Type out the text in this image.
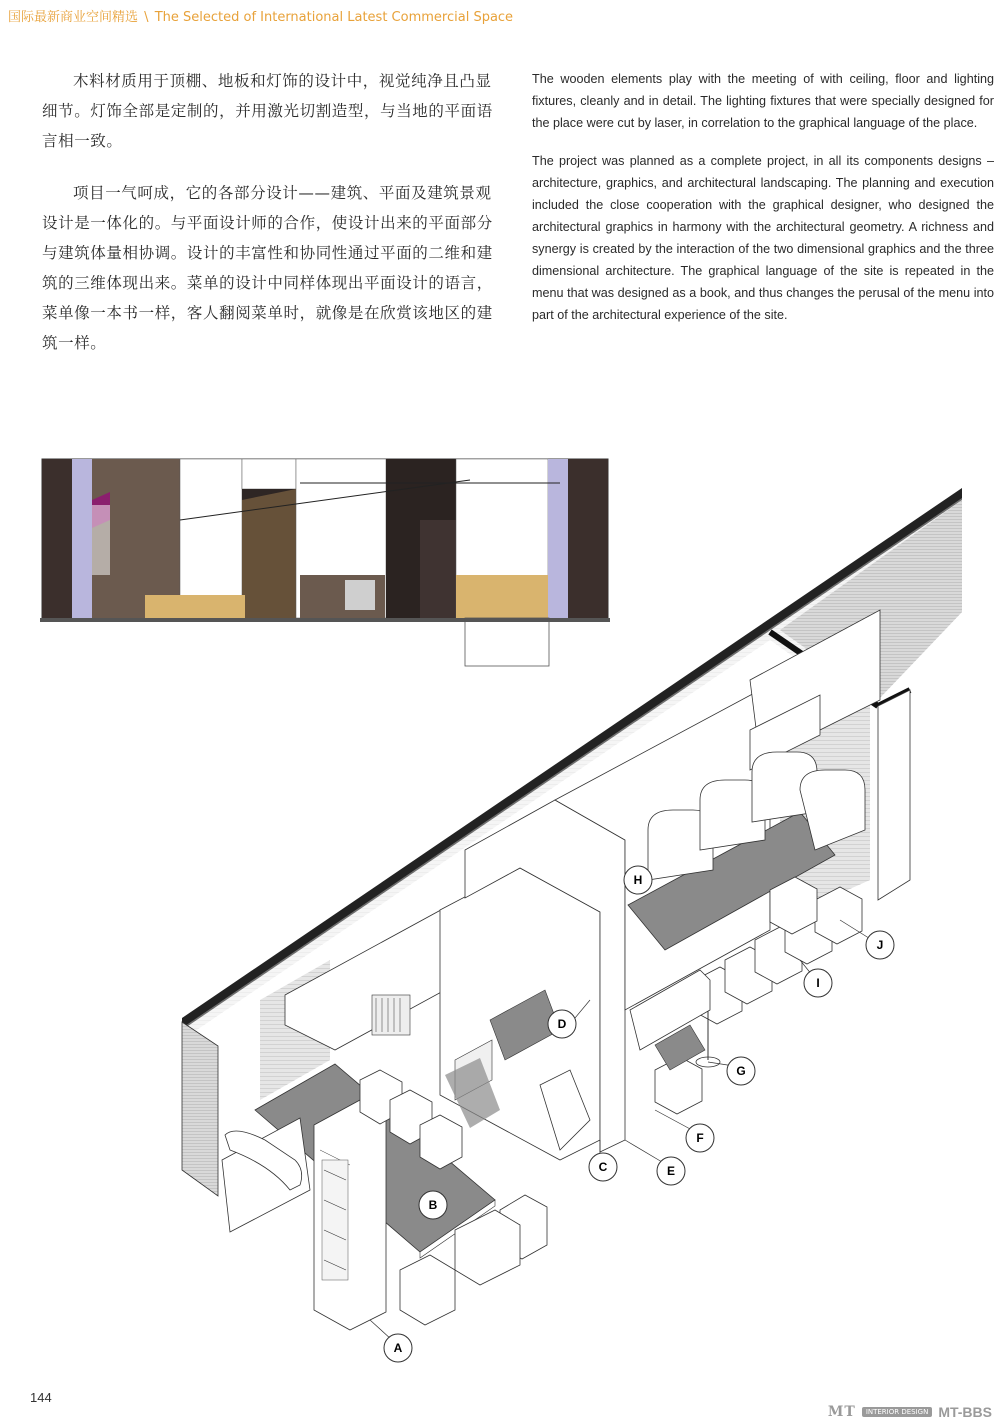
国际最新商业空间精选 \ The Selected of International Latest Commercial Space

木料材质用于顶棚、地板和灯饰的设计中，视觉纯净且凸显细节。灯饰全部是定制的，并用激光切割造型，与当地的平面语言相一致。

项目一气呵成，它的各部分设计——建筑、平面及建筑景观设计是一体化的。与平面设计师的合作，使设计出来的平面部分与建筑体量相协调。设计的丰富性和协同性通过平面的二维和建筑的三维体现出来。菜单的设计中同样体现出平面设计的语言，菜单像一本书一样，客人翻阅菜单时，就像是在欣赏该地区的建筑一样。

The wooden elements play with the meeting of with ceiling, floor and lighting fixtures, cleanly and in detail. The lighting fixtures that were specially designed for the place were cut by laser, in correlation to the graphical language of the place.

The project was planned as a complete project, in all its components designs – architecture, graphics, and architectural landscaping. The planning and execution included the close cooperation with the graphical designer, who designed the architectural graphics in harmony with the architectural geometry. A richness and synergy is created by the interaction of the two dimensional graphics and the three dimensional architecture. The graphical language of the site is repeated in the menu that was designed as a book, and thus changes the perusal of the menu into part of the architectural experience of the site.

A
B
C
D
E
F
G
H
I
J
144
MT	INTERIOR DESIGN MT-BBS
